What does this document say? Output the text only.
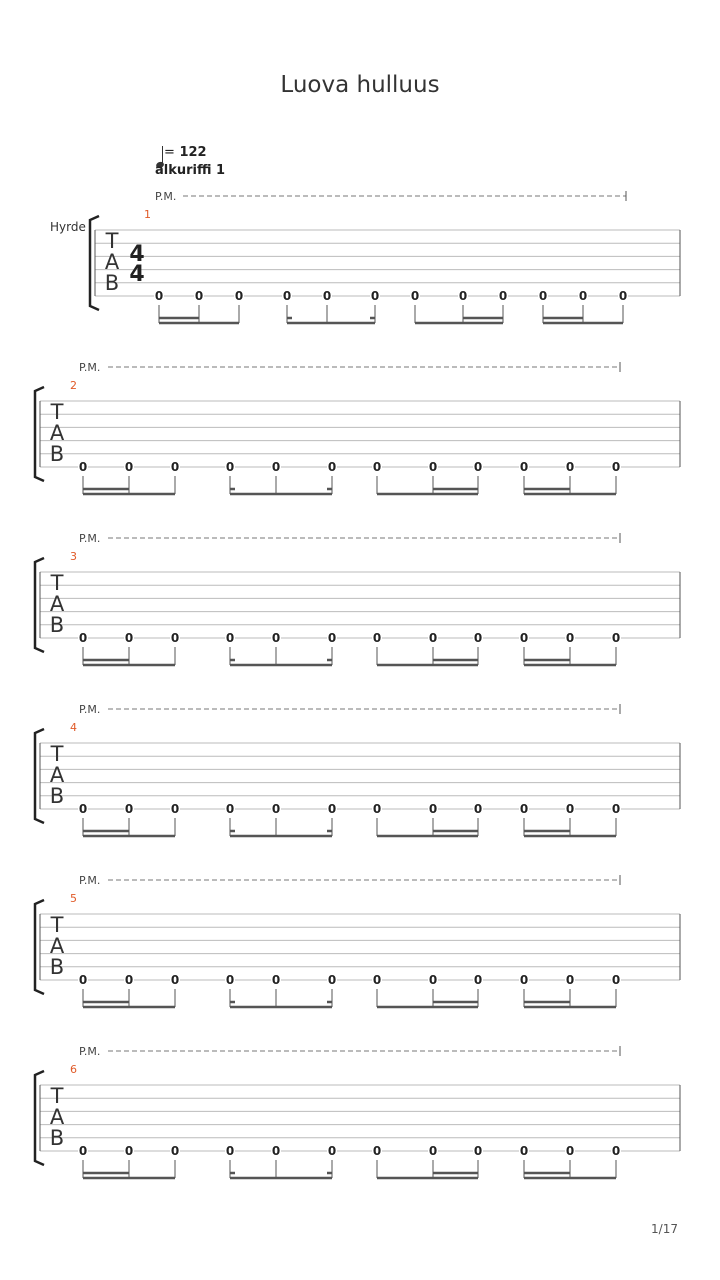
Luova hulluus
= 122
alkuriffi 1
Hyrde
P.M.
1
T
A
B
4
4
0	0	0	0	0	0	0	0	0	0	0	0
P.M.
2
T
A
B
0	0	0	0	0	0	0	0	0	0	0	0
P.M.
3
T
A
B
0	0	0	0	0	0	0	0	0	0	0	0
P.M.
4
T
A
B
0	0	0	0	0	0	0	0	0	0	0	0
P.M.
5
T
A
B
0	0	0	0	0	0	0	0	0	0	0	0
P.M.
6
T
A
B
0	0	0	0	0	0	0	0	0	0	0	0
1/17
